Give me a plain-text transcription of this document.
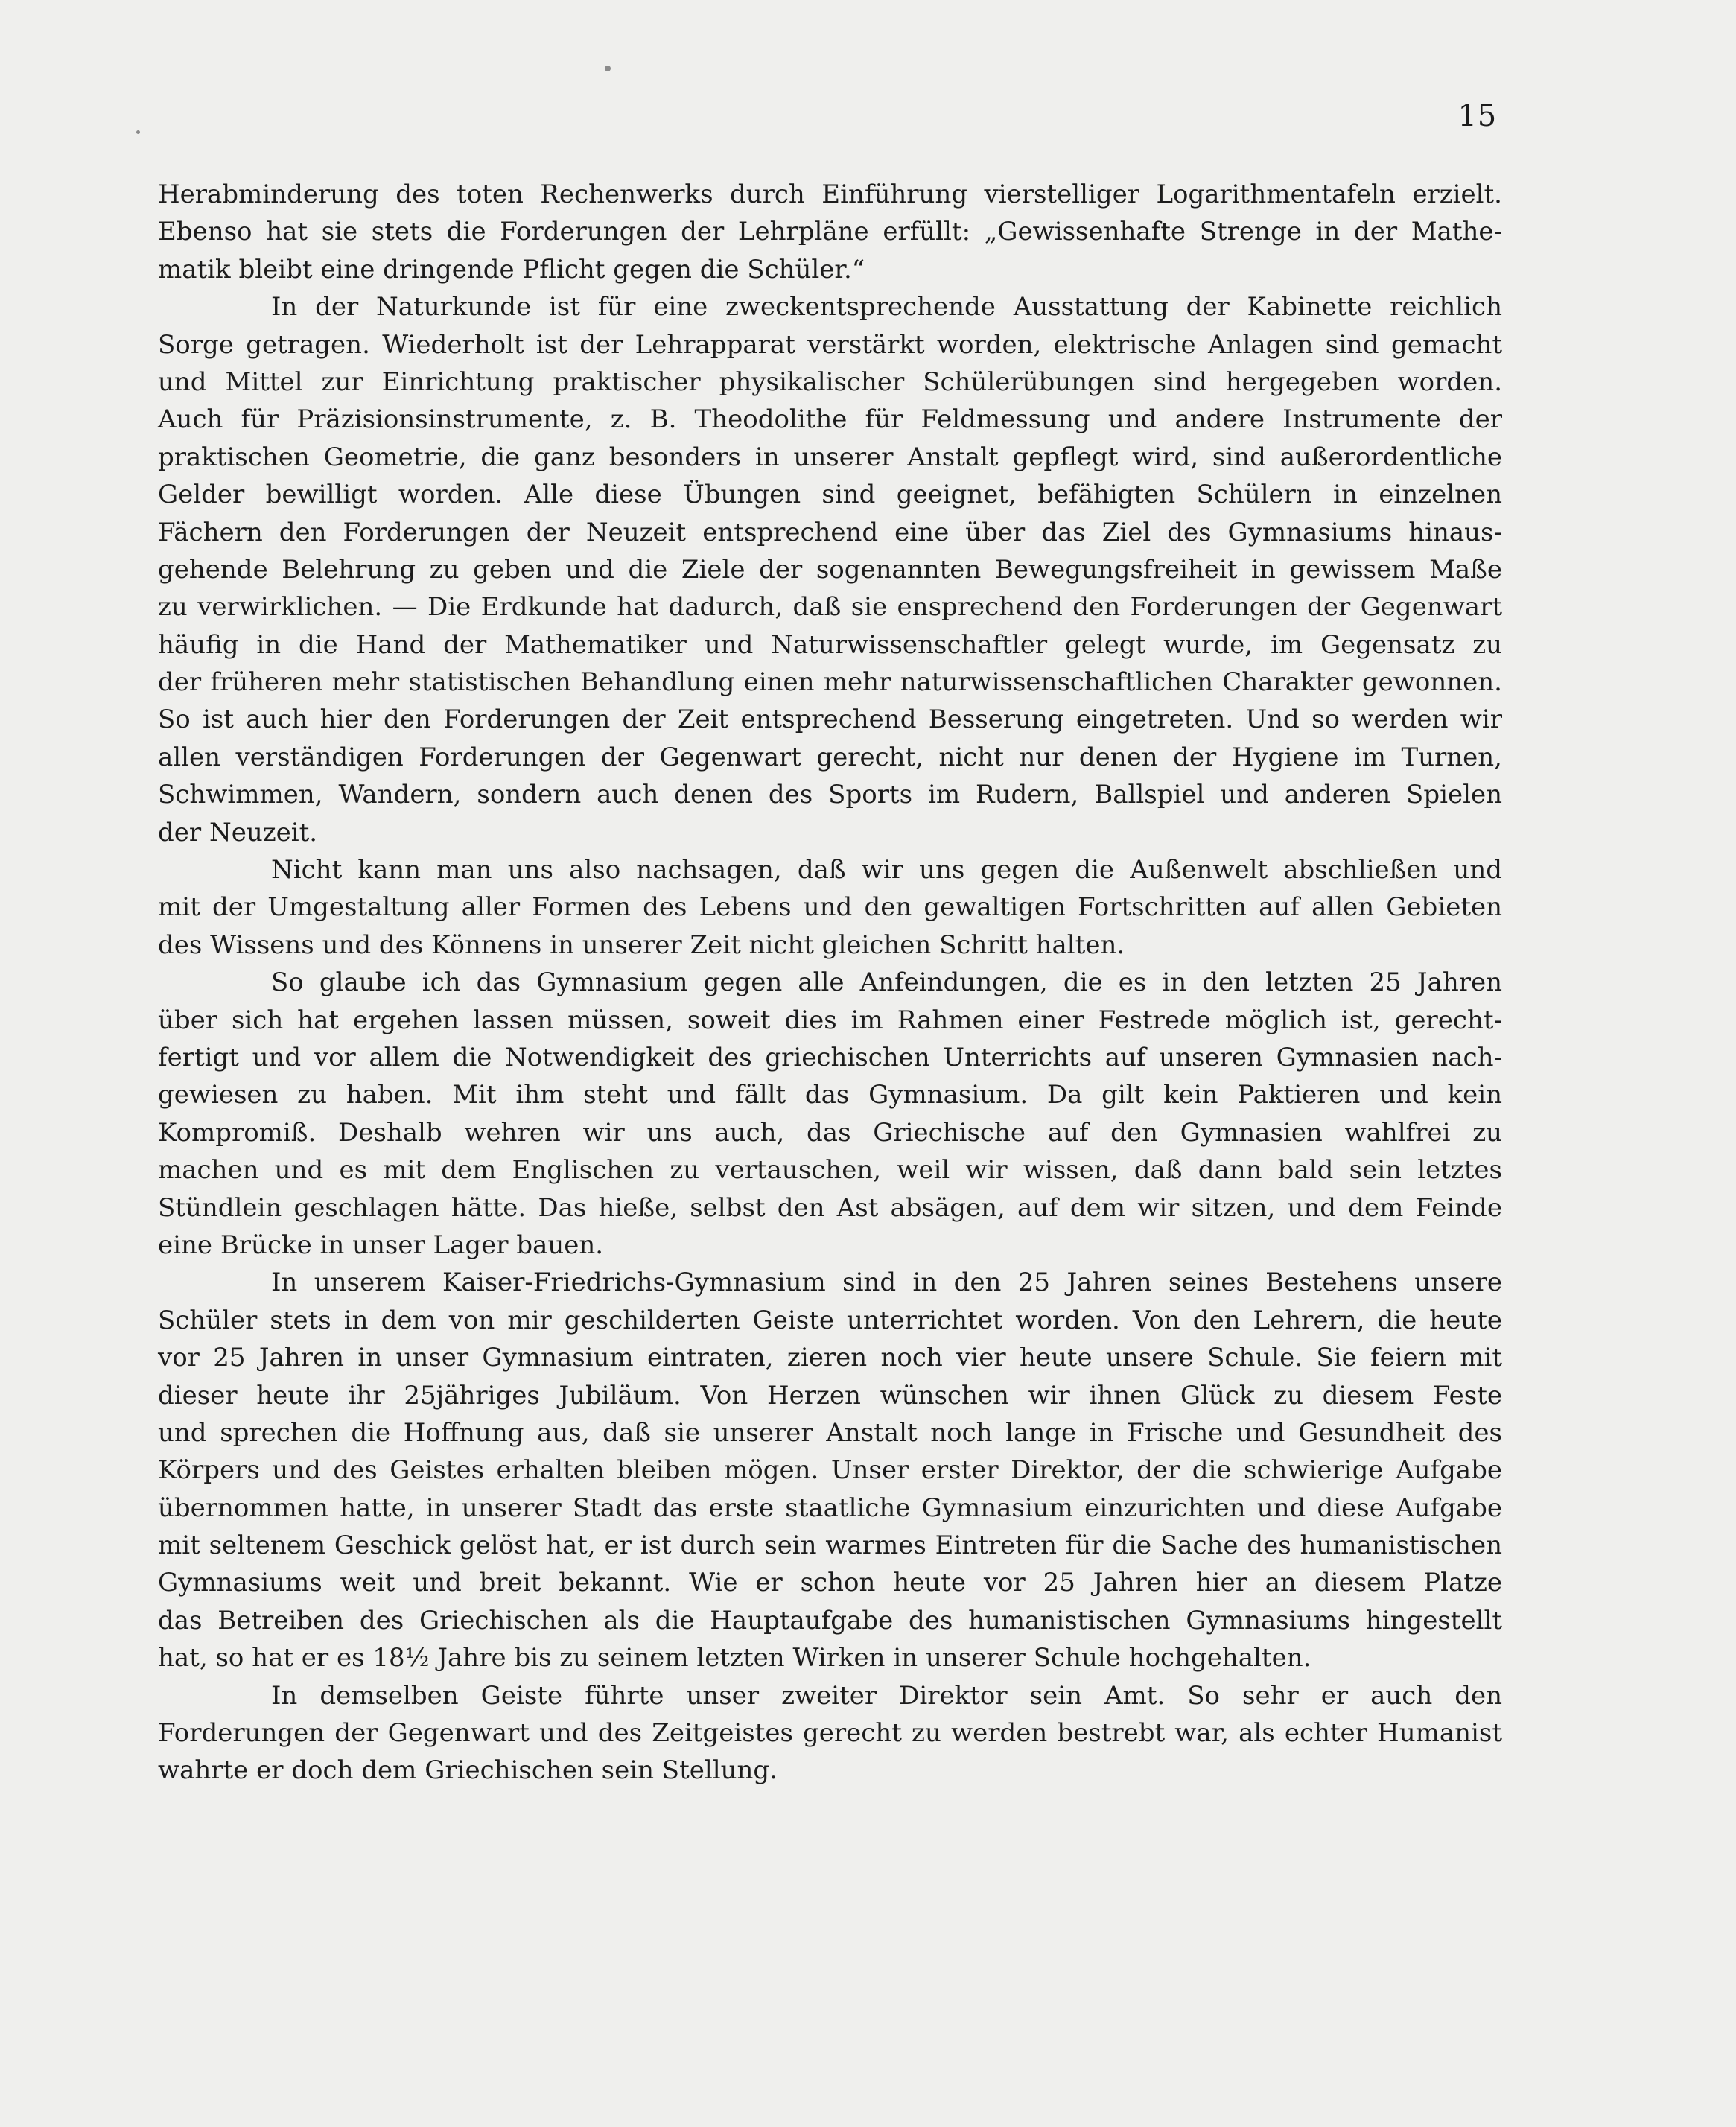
15

Herabminderung des toten Rechenwerks durch Einführung vierstelliger Logarithmentafeln erzielt.
Ebenso hat sie stets die Forderungen der Lehrpläne erfüllt: „Gewissenhafte Strenge in der Mathe-
matik bleibt eine dringende Pflicht gegen die Schüler.“

In der Naturkunde ist für eine zweckentsprechende Ausstattung der Kabinette reichlich
Sorge getragen. Wiederholt ist der Lehrapparat verstärkt worden, elektrische Anlagen sind gemacht
und Mittel zur Einrichtung praktischer physikalischer Schülerübungen sind hergegeben worden.
Auch für Präzisionsinstrumente, z. B. Theodolithe für Feldmessung und andere Instrumente der
praktischen Geometrie, die ganz besonders in unserer Anstalt gepflegt wird, sind außerordentliche
Gelder bewilligt worden. Alle diese Übungen sind geeignet, befähigten Schülern in einzelnen
Fächern den Forderungen der Neuzeit entsprechend eine über das Ziel des Gymnasiums hinaus-
gehende Belehrung zu geben und die Ziele der sogenannten Bewegungsfreiheit in gewissem Maße
zu verwirklichen. — Die Erdkunde hat dadurch, daß sie ensprechend den Forderungen der Gegenwart
häufig in die Hand der Mathematiker und Naturwissenschaftler gelegt wurde, im Gegensatz zu
der früheren mehr statistischen Behandlung einen mehr naturwissenschaftlichen Charakter gewonnen.
So ist auch hier den Forderungen der Zeit entsprechend Besserung eingetreten. Und so werden wir
allen verständigen Forderungen der Gegenwart gerecht, nicht nur denen der Hygiene im Turnen,
Schwimmen, Wandern, sondern auch denen des Sports im Rudern, Ballspiel und anderen Spielen
der Neuzeit.

Nicht kann man uns also nachsagen, daß wir uns gegen die Außenwelt abschließen und
mit der Umgestaltung aller Formen des Lebens und den gewaltigen Fortschritten auf allen Gebieten
des Wissens und des Könnens in unserer Zeit nicht gleichen Schritt halten.

So glaube ich das Gymnasium gegen alle Anfeindungen, die es in den letzten 25 Jahren
über sich hat ergehen lassen müssen, soweit dies im Rahmen einer Festrede möglich ist, gerecht-
fertigt und vor allem die Notwendigkeit des griechischen Unterrichts auf unseren Gymnasien nach-
gewiesen zu haben. Mit ihm steht und fällt das Gymnasium. Da gilt kein Paktieren und kein
Kompromiß. Deshalb wehren wir uns auch, das Griechische auf den Gymnasien wahlfrei zu
machen und es mit dem Englischen zu vertauschen, weil wir wissen, daß dann bald sein letztes
Stündlein geschlagen hätte. Das hieße, selbst den Ast absägen, auf dem wir sitzen, und dem Feinde
eine Brücke in unser Lager bauen.

In unserem Kaiser-Friedrichs-Gymnasium sind in den 25 Jahren seines Bestehens unsere
Schüler stets in dem von mir geschilderten Geiste unterrichtet worden. Von den Lehrern, die heute
vor 25 Jahren in unser Gymnasium eintraten, zieren noch vier heute unsere Schule. Sie feiern mit
dieser heute ihr 25jähriges Jubiläum. Von Herzen wünschen wir ihnen Glück zu diesem Feste
und sprechen die Hoffnung aus, daß sie unserer Anstalt noch lange in Frische und Gesundheit des
Körpers und des Geistes erhalten bleiben mögen. Unser erster Direktor, der die schwierige Aufgabe
übernommen hatte, in unserer Stadt das erste staatliche Gymnasium einzurichten und diese Aufgabe
mit seltenem Geschick gelöst hat, er ist durch sein warmes Eintreten für die Sache des humanistischen
Gymnasiums weit und breit bekannt. Wie er schon heute vor 25 Jahren hier an diesem Platze
das Betreiben des Griechischen als die Hauptaufgabe des humanistischen Gymnasiums hingestellt
hat, so hat er es 18½ Jahre bis zu seinem letzten Wirken in unserer Schule hochgehalten.

In demselben Geiste führte unser zweiter Direktor sein Amt. So sehr er auch den
Forderungen der Gegenwart und des Zeitgeistes gerecht zu werden bestrebt war, als echter Humanist
wahrte er doch dem Griechischen sein Stellung.
